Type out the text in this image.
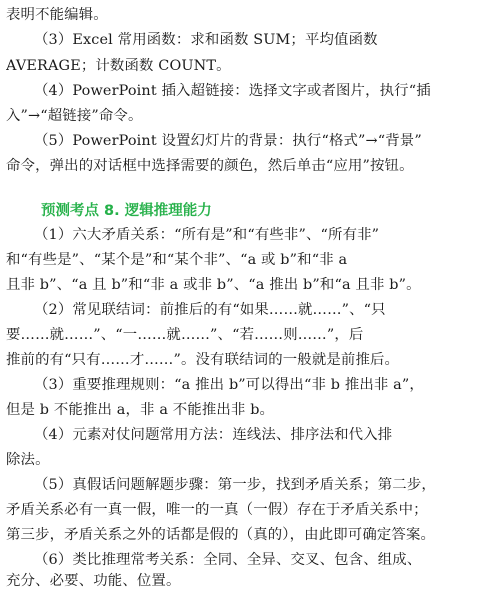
表明不能编辑。
（3）Excel 常用函数：求和函数 SUM；平均值函数
AVERAGE；计数函数 COUNT。
（4）PowerPoint 插入超链接：选择文字或者图片，执行“插
入”→“超链接”命令。
（5）PowerPoint 设置幻灯片的背景：执行“格式”→“背景”
命令，弹出的对话框中选择需要的颜色，然后单击“应用”按钮。
预测考点 8. 逻辑推理能力
（1）六大矛盾关系：“所有是”和“有些非”、“所有非”
和“有些是”、“某个是”和“某个非”、“a 或 b”和“非 a
且非 b”、“a 且 b”和“非 a 或非 b”、“a 推出 b”和“a 且非 b”。
（2）常见联结词：前推后的有“如果……就……”、“只
要……就……”、“一……就……”、“若……则……”，后
推前的有“只有……才……”。没有联结词的一般就是前推后。
（3）重要推理规则：“a 推出 b”可以得出“非 b 推出非 a”，
但是 b 不能推出 a，非 a 不能推出非 b。
（4）元素对仗问题常用方法：连线法、排序法和代入排
除法。
（5）真假话问题解题步骤：第一步，找到矛盾关系；第二步，
矛盾关系必有一真一假，唯一的一真（一假）存在于矛盾关系中；
第三步，矛盾关系之外的话都是假的（真的），由此即可确定答案。
（6）类比推理常考关系：全同、全异、交叉、包含、组成、
充分、必要、功能、位置。
